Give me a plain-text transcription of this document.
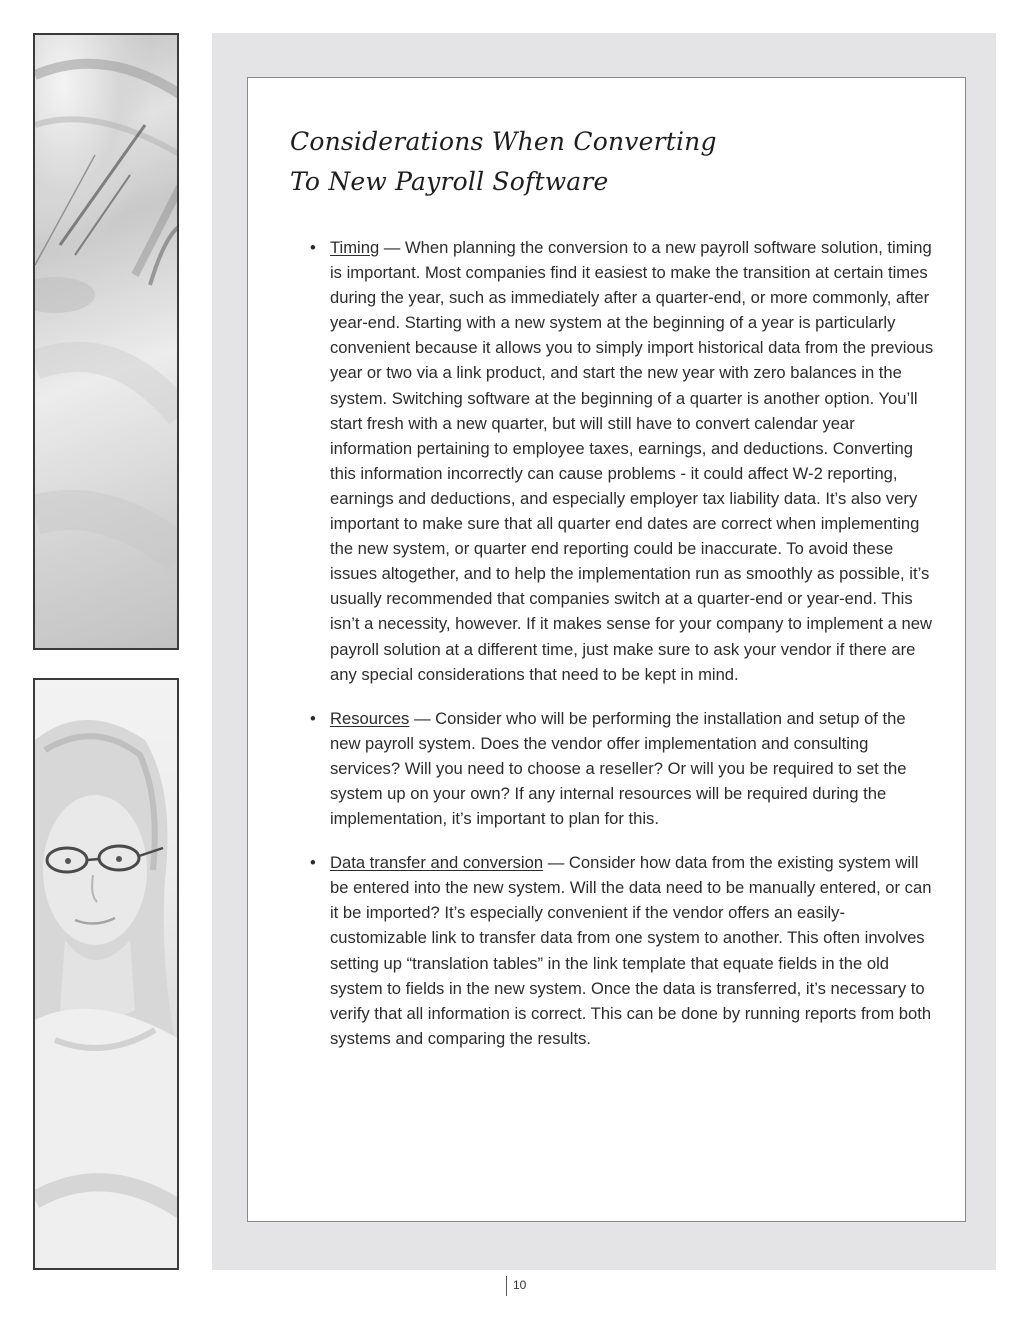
Considerations When Converting
To New Payroll Software
• Timing — When planning the conversion to a new payroll software solution, timing is important. Most companies find it easiest to make the transition at certain times during the year, such as immediately after a quarter-end, or more commonly, after year-end. Starting with a new system at the beginning of a year is particularly convenient because it allows you to simply import historical data from the previous year or two via a link product, and start the new year with zero balances in the system. Switching software at the beginning of a quarter is another option. You’ll start fresh with a new quarter, but will still have to convert calendar year information pertaining to employee taxes, earnings, and deductions. Converting this information incorrectly can cause problems - it could affect W-2 reporting, earnings and deductions, and especially employer tax liability data. It’s also very important to make sure that all quarter end dates are correct when implementing the new system, or quarter end reporting could be inaccurate. To avoid these issues altogether, and to help the implementation run as smoothly as possible, it’s usually recommended that companies switch at a quarter-end or year-end. This isn’t a necessity, however. If it makes sense for your company to implement a new payroll solution at a different time, just make sure to ask your vendor if there are any special considerations that need to be kept in mind.
• Resources — Consider who will be performing the installation and setup of the new payroll system. Does the vendor offer implementation and consulting services? Will you need to choose a reseller? Or will you be required to set the system up on your own? If any internal resources will be required during the implementation, it’s important to plan for this.
• Data transfer and conversion — Consider how data from the existing system will be entered into the new system. Will the data need to be manually entered, or can it be imported? It’s especially convenient if the vendor offers an easily-customizable link to transfer data from one system to another. This often involves setting up “translation tables” in the link template that equate fields in the old system to fields in the new system. Once the data is transferred, it’s necessary to verify that all information is correct. This can be done by running reports from both systems and comparing the results.
10
